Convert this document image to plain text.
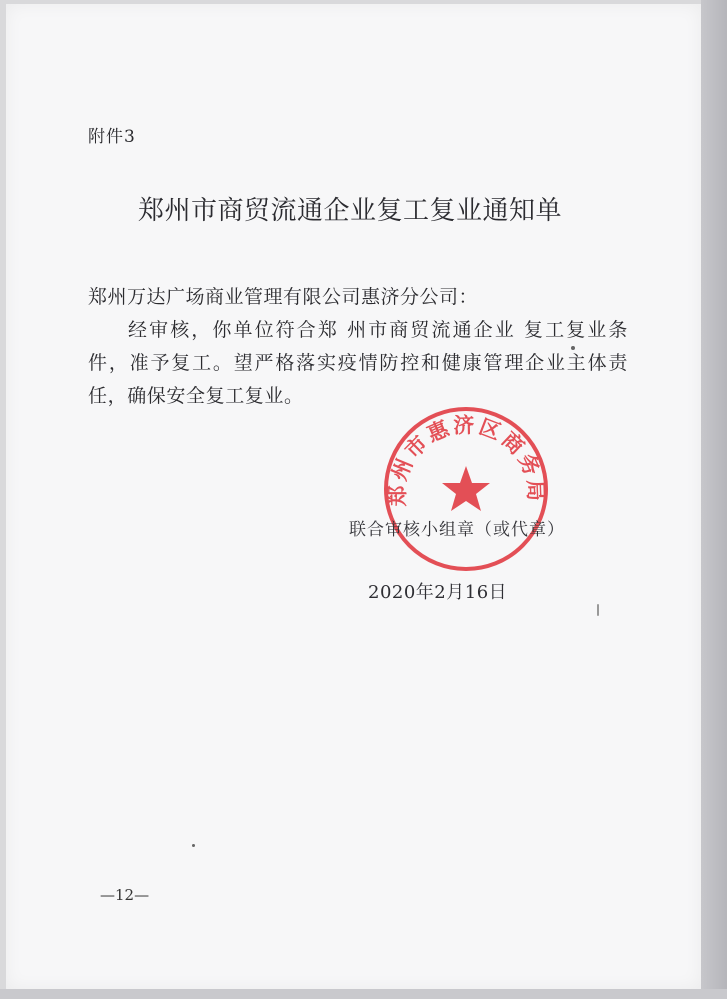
附件3
郑州市商贸流通企业复工复业通知单
郑州万达广场商业管理有限公司惠济分公司：
经审核，你单位符合郑 州市商贸流通企业 复工复业条件，准予复工。望严格落实疫情防控和健康管理企业主体责任，确保安全复工复业。
郑州市惠济区商务局
联合审核小组章（或代章）
2020年2月16日
—12—
